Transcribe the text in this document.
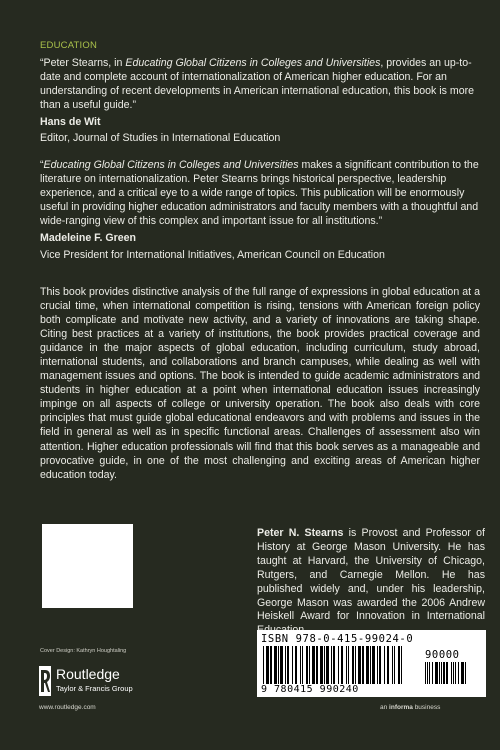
EDUCATION

“Peter Stearns, in Educating Global Citizens in Colleges and Universities, provides an up-to-date and complete account of internationalization of American higher education. For an understanding of recent developments in American international education, this book is more than a useful guide.”

Hans de Wit

Editor, Journal of Studies in International Education

“Educating Global Citizens in Colleges and Universities makes a significant contribution to the literature on internationalization. Peter Stearns brings historical perspective, leadership experience, and a critical eye to a wide range of topics. This publication will be enormously useful in providing higher education administrators and faculty members with a thoughtful and wide-ranging view of this complex and important issue for all institutions.”

Madeleine F. Green

Vice President for International Initiatives, American Council on Education

This book provides distinctive analysis of the full range of expressions in global education at a crucial time, when international competition is rising, tensions with American foreign policy both complicate and motivate new activity, and a variety of innovations are taking shape. Citing best practices at a variety of institutions, the book provides practical coverage and guidance in the major aspects of global education, including curriculum, study abroad, international students, and collaborations and branch campuses, while dealing as well with management issues and options. The book is intended to guide academic administrators and students in higher education at a point when international education issues increasingly impinge on all aspects of college or university operation. The book also deals with core principles that must guide global educational endeavors and with problems and issues in the field in general as well as in specific functional areas. Challenges of assessment also win attention. Higher education professionals will find that this book serves as a manageable and provocative guide, in one of the most challenging and exciting areas of American higher education today.

Peter N. Stearns is Provost and Professor of History at George Mason University. He has taught at Harvard, the University of Chicago, Rutgers, and Carnegie Mellon. He has published widely and, under his leadership, George Mason was awarded the 2006 Andrew Heiskell Award for Innovation in International

Cover Design: Kathryn Houghtaling
Routledge
Taylor & Francis Group
www.routledge.com
ISBN 978-0-415-99024-0
90000
9 780415 990240
an informa business
